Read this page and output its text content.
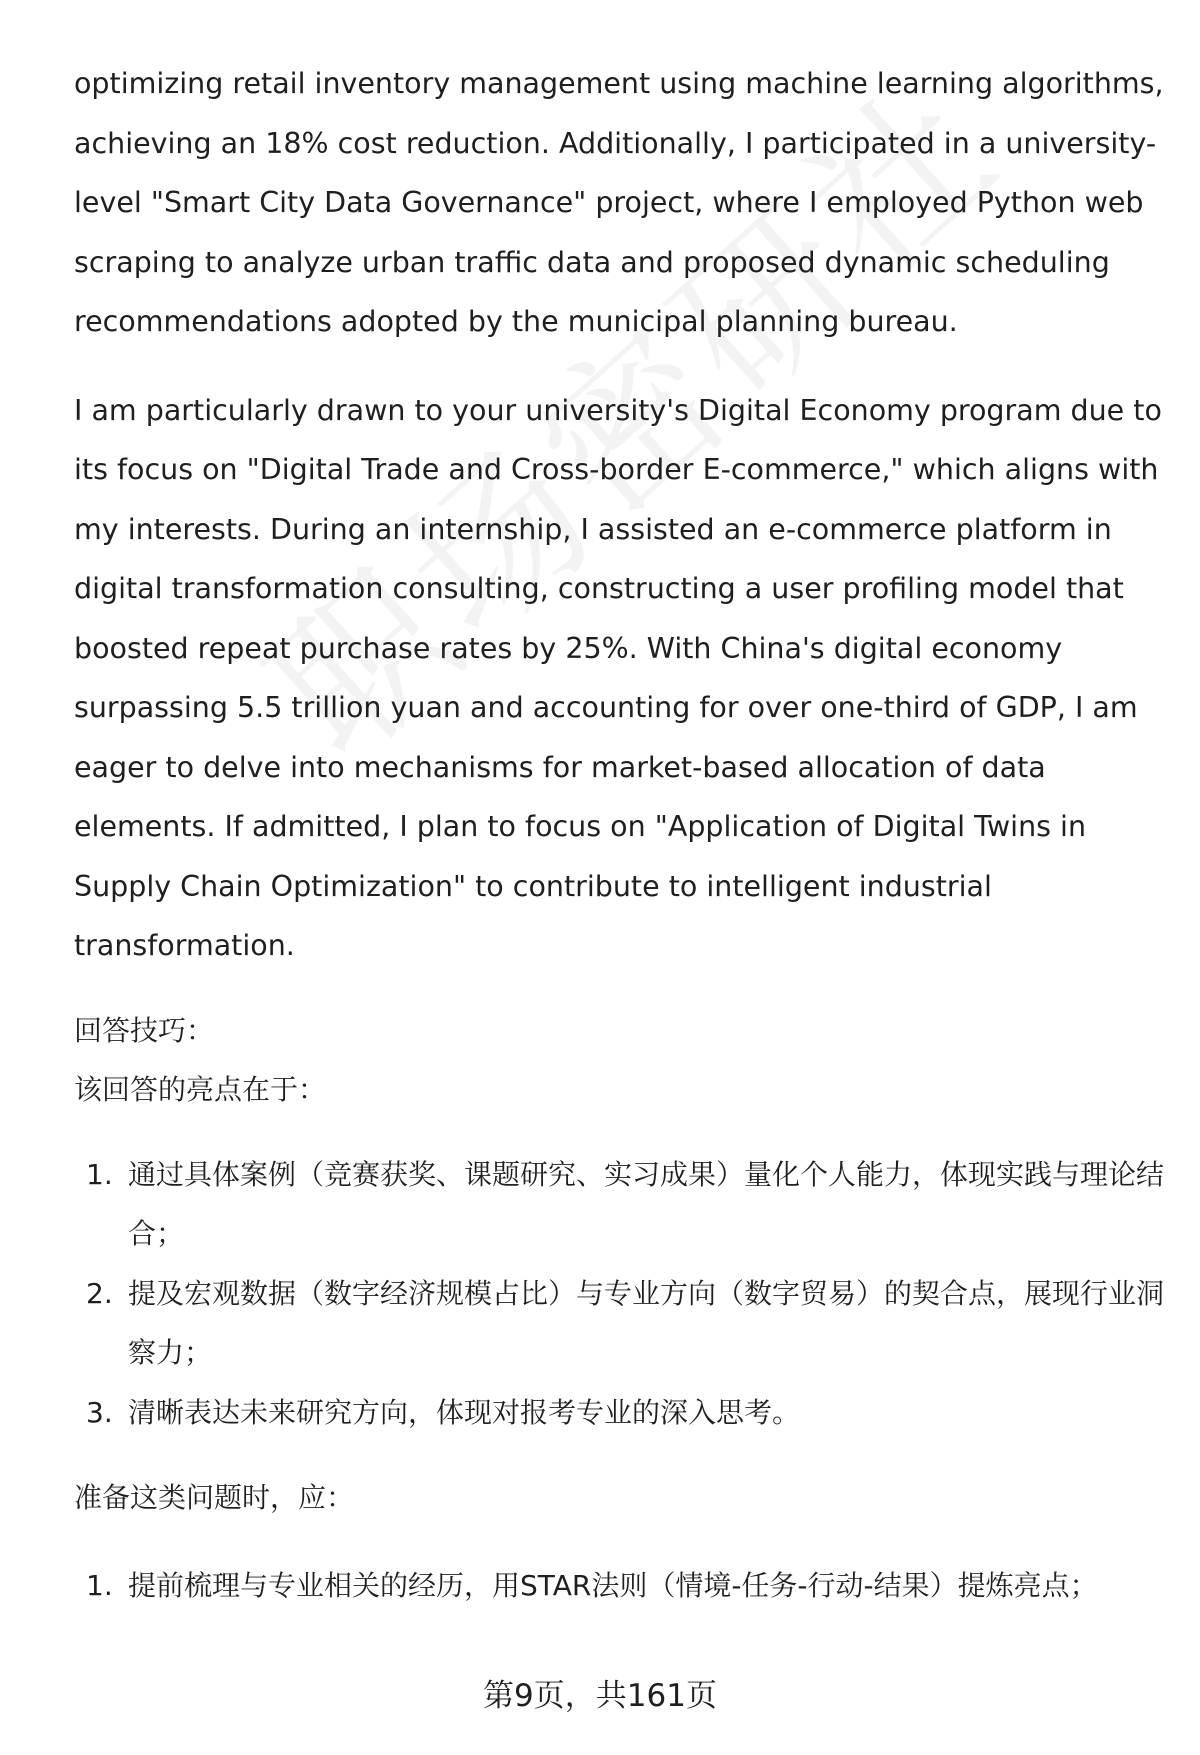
optimizing retail inventory management using machine learning algorithms, achieving an 18% cost reduction. Additionally, I participated in a university-level "Smart City Data Governance" project, where I employed Python web scraping to analyze urban traffic data and proposed dynamic scheduling recommendations adopted by the municipal planning bureau.

I am particularly drawn to your university's Digital Economy program due to its focus on "Digital Trade and Cross-border E-commerce," which aligns with my interests. During an internship, I assisted an e-commerce platform in digital transformation consulting, constructing a user profiling model that boosted repeat purchase rates by 25%. With China's digital economy surpassing 5.5 trillion yuan and accounting for over one-third of GDP, I am eager to delve into mechanisms for market-based allocation of data elements. If admitted, I plan to focus on "Application of Digital Twins in Supply Chain Optimization" to contribute to intelligent industrial transformation.

回答技巧：

该回答的亮点在于：

1. 通过具体案例（竞赛获奖、课题研究、实习成果）量化个人能力，体现实践与理论结合；
2. 提及宏观数据（数字经济规模占比）与专业方向（数字贸易）的契合点，展现行业洞察力；
3. 清晰表达未来研究方向，体现对报考专业的深入思考。

准备这类问题时，应：

1. 提前梳理与专业相关的经历，用STAR法则（情境-任务-行动-结果）提炼亮点；
第9页，共161页
